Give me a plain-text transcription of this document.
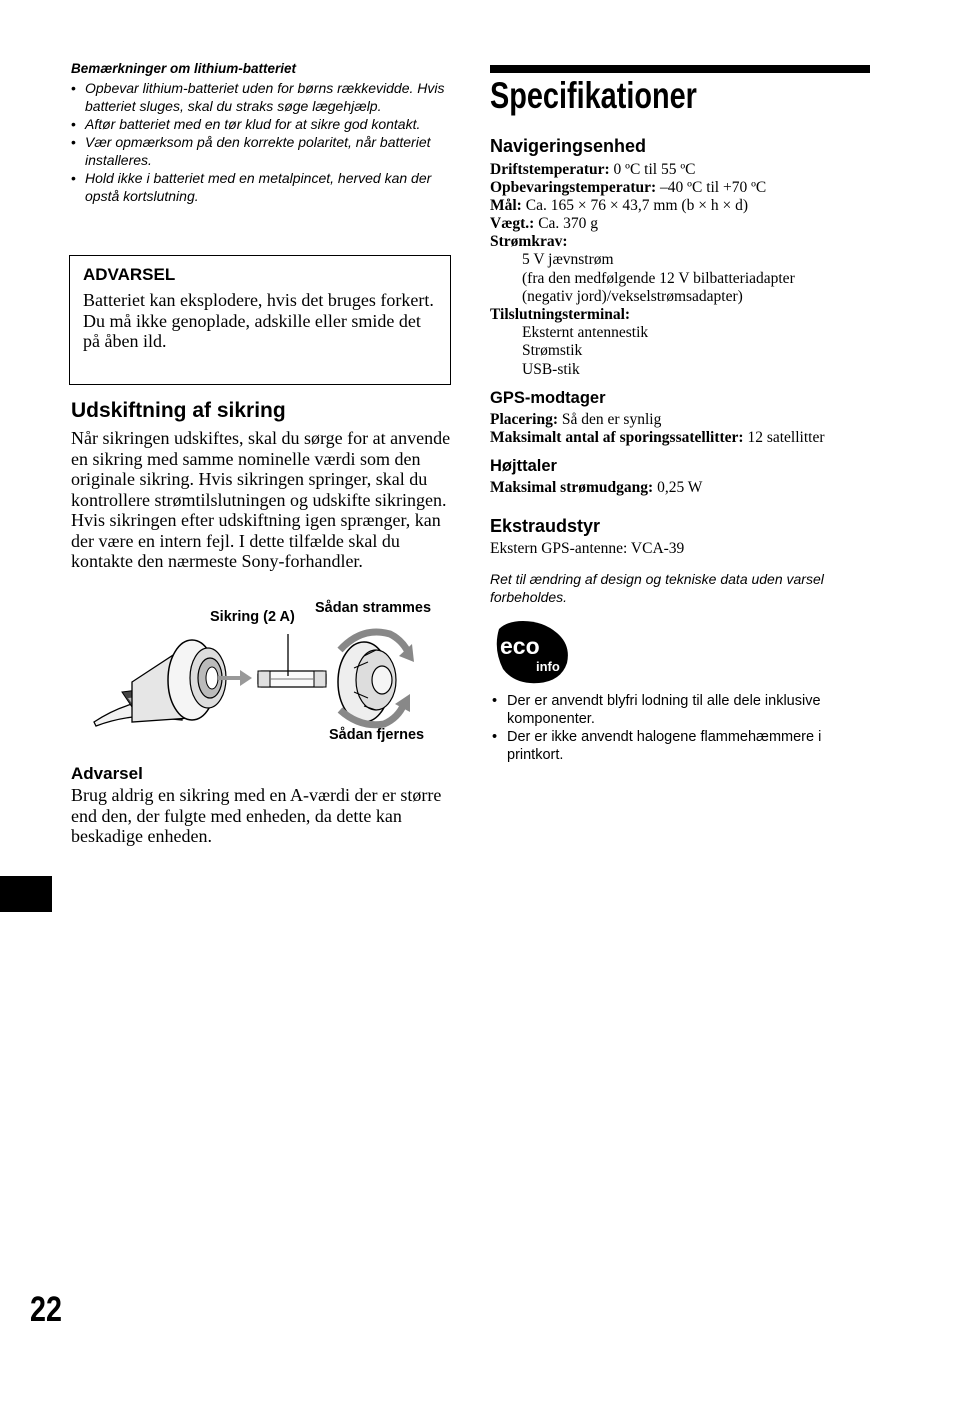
Bemærkninger om lithium-batteriet
• Opbevar lithium-batteriet uden for børns rækkevidde. Hvis batteriet sluges, skal du straks søge lægehjælp.
• Aftør batteriet med en tør klud for at sikre god kontakt.
• Vær opmærksom på den korrekte polaritet, når batteriet installeres.
• Hold ikke i batteriet med en metalpincet, herved kan der opstå kortslutning.
ADVARSEL
Batteriet kan eksplodere, hvis det bruges forkert.
Du må ikke genoplade, adskille eller smide det på åben ild.
Udskiftning af sikring
Når sikringen udskiftes, skal du sørge for at anvende en sikring med samme nominelle værdi som den originale sikring. Hvis sikringen springer, skal du kontrollere strømtilslutningen og udskifte sikringen. Hvis sikringen efter udskiftning igen sprænger, kan der være en intern fejl. I dette tilfælde skal du kontakte den nærmeste Sony-forhandler.
Sikring (2 A)
Sådan strammes
Sådan fjernes
Advarsel
Brug aldrig en sikring med en A-værdi der er større end den, der fulgte med enheden, da dette kan beskadige enheden.
22
Specifikationer
Navigeringsenhed
Driftstemperatur: 0 ºC til 55 ºC
Opbevaringstemperatur: –40 ºC til +70 ºC
Mål: Ca. 165 × 76 × 43,7 mm (b × h × d)
Vægt.: Ca. 370 g
Strømkrav:
5 V jævnstrøm
(fra den medfølgende 12 V bilbatteriadapter
(negativ jord)/vekselstrømsadapter)
Tilslutningsterminal:
Eksternt antennestik
Strømstik
USB-stik
GPS-modtager
Placering: Så den er synlig
Maksimalt antal af sporingssatellitter: 12 satellitter
Højttaler
Maksimal strømudgang: 0,25 W
Ekstraudstyr
Ekstern GPS-antenne: VCA-39
Ret til ændring af design og tekniske data uden varsel forbeholdes.
eco
info
• Der er anvendt blyfri lodning til alle dele inklusive komponenter.
• Der er ikke anvendt halogene flammehæmmere i printkort.
